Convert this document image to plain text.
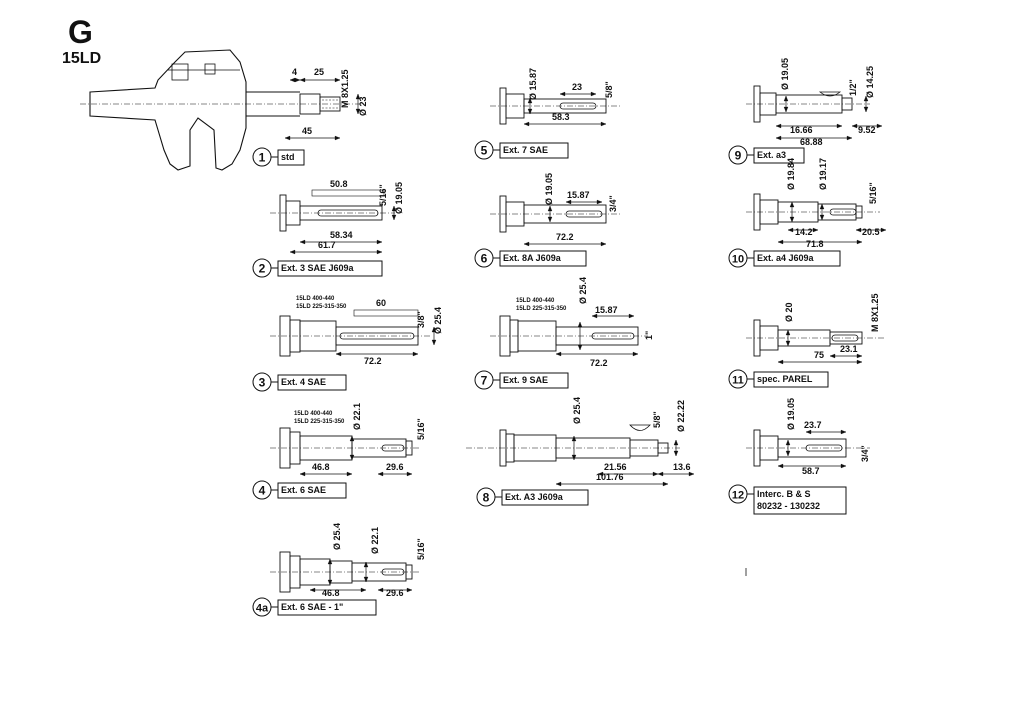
G
15LD
4 25 M 8X1.25 Ø 23
45
1 std
50.8
5/16" Ø 19.05
58.34
61.7
2 Ext. 3 SAE J609a
15LD 400-440
15LD 225-315-350	60
3/8" Ø 25.4
72.2
3 Ext. 4 SAE
15LD 400-440
15LD 225-315-350 Ø 22.1	5/16"
46.8	29.6
4 Ext. 6 SAE
Ø 25.4	Ø 22.1	5/16"
46.8	29.6
4a Ext. 6 SAE - 1"
Ø 15.87	23 5/8"
58.3
5 Ext. 7 SAE
Ø 19.05 15.87
3/4"
72.2
6 Ext. 8A J609a
15LD 400-440
15LD 225-315-350
Ø 25.4
15.87
1"
72.2
7 Ext. 9 SAE
Ø 25.4	5/8" Ø 22.22
21.56	13.6
101.76
8 Ext. A3 J609a
Ø 19.05	1/2" Ø 14.25
16.66	9.52
68.88
9 Ext. a3
Ø 19.84 Ø 19.17
5/16"
14.2	20.5
71.8
10 Ext. a4 J609a
Ø 20	M 8X1.25
75
23.1
11 spec. PAREL
Ø 19.05 23.7
3/4"
58.7
12 Interc. B & S
80232 - 130232
